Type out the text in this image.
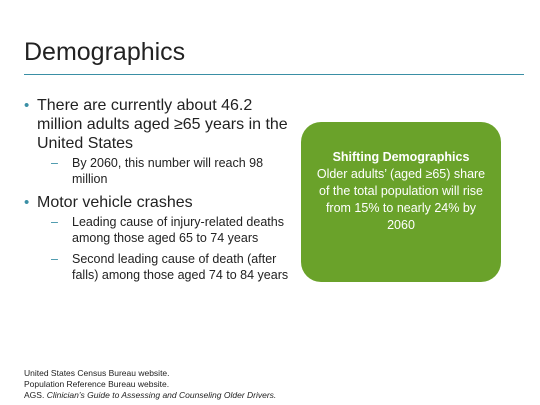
Demographics
• There are currently about 46.2 million adults aged ≥65 years in the United States
– By 2060, this number will reach 98 million
• Motor vehicle crashes
– Leading cause of injury-related deaths among those aged 65 to 74 years
– Second leading cause of death (after falls) among those aged 74 to 84 years
Shifting Demographics
Older adults’ (aged ≥65) share of the total population will rise from 15% to nearly 24% by 2060
United States Census Bureau website.
Population Reference Bureau website.
AGS. Clinician’s Guide to Assessing and Counseling Older Drivers.
